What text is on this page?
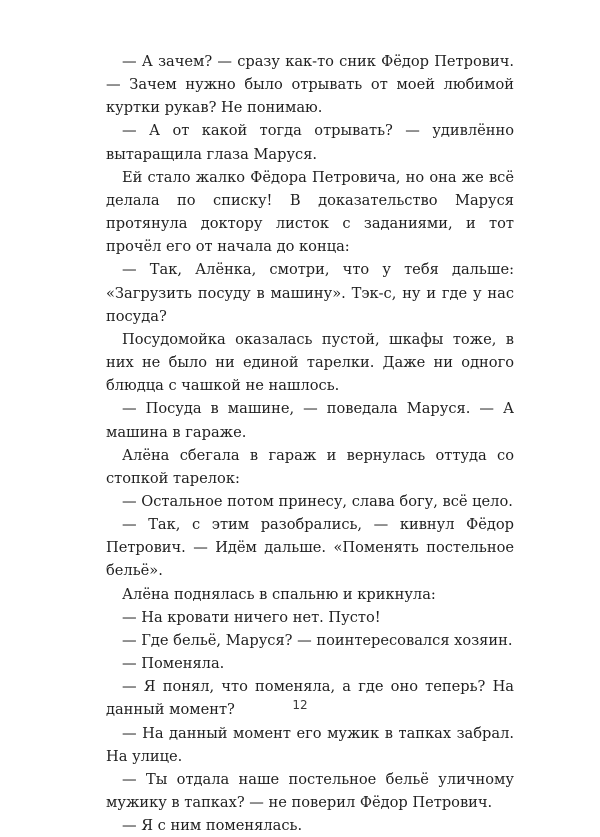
— А зачем? — сразу как-то сник Фёдор Петрович. — Зачем нужно было отрывать от моей любимой куртки рукав? Не понимаю.

— А от какой тогда отрывать? — удивлённо вытаращила глаза Маруся.

Ей стало жалко Фёдора Петровича, но она же всё делала по списку! В доказательство Маруся протянула доктору листок с заданиями, и тот прочёл его от начала до конца:

— Так, Алёнка, смотри, что у тебя дальше: «Загрузить посуду в машину». Тэк-с, ну и где у нас посуда?

Посудомойка оказалась пустой, шкафы тоже, в них не было ни единой тарелки. Даже ни одного блюдца с чашкой не нашлось.

— Посуда в машине, — поведала Маруся. — А машина в гараже.

Алёна сбегала в гараж и вернулась оттуда со стопкой тарелок:

— Остальное потом принесу, слава богу, всё цело.

— Так, с этим разобрались, — кивнул Фёдор Петрович. — Идём дальше. «Поменять постельное бельё».

Алёна поднялась в спальню и крикнула:

— На кровати ничего нет. Пусто!

— Где бельё, Маруся? — поинтересовался хозяин.

— Поменяла.

— Я понял, что поменяла, а где оно теперь? На данный момент?

— На данный момент его мужик в тапках забрал. На улице.

— Ты отдала наше постельное бельё уличному мужику в тапках? — не поверил Фёдор Петрович.

— Я с ним поменялась.

12
